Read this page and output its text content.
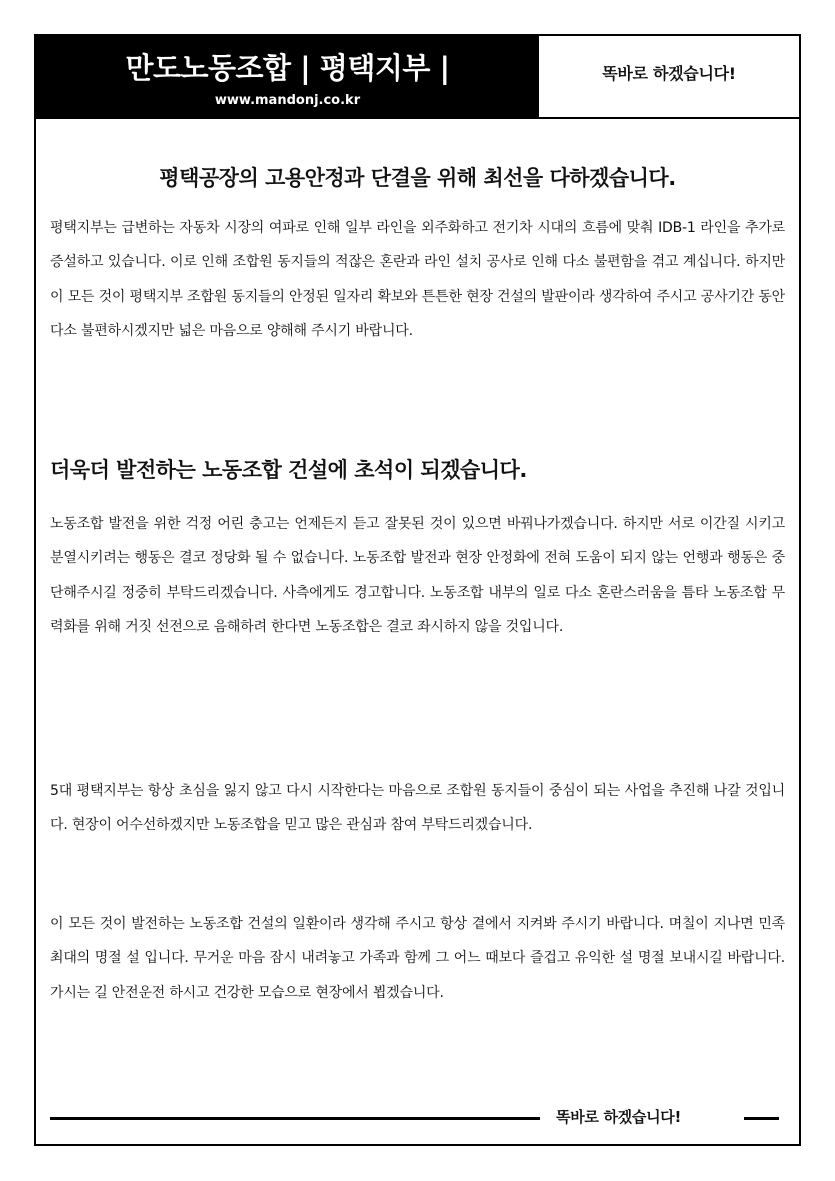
만도노동조합 | 평택지부 |
www.mandonj.co.kr
똑바로 하겠습니다!
평택공장의 고용안정과 단결을 위해 최선을 다하겠습니다.

평택지부는 급변하는 자동차 시장의 여파로 인해 일부 라인을 외주화하고 전기차 시대의 흐름에 맞춰 IDB-1 라인을 추가로 증설하고 있습니다. 이로 인해 조합원 동지들의 적잖은 혼란과 라인 설치 공사로 인해 다소 불편함을 겪고 계십니다. 하지만 이 모든 것이 평택지부 조합원 동지들의 안정된 일자리 확보와 튼튼한 현장 건설의 발판이라 생각하여 주시고 공사기간 동안 다소 불편하시겠지만 넓은 마음으로 양해해 주시기 바랍니다.

더욱더 발전하는 노동조합 건설에 초석이 되겠습니다.

노동조합 발전을 위한 걱정 어린 충고는 언제든지 듣고 잘못된 것이 있으면 바꿔나가겠습니다. 하지만 서로 이간질 시키고 분열시키려는 행동은 결코 정당화 될 수 없습니다. 노동조합 발전과 현장 안정화에 전혀 도움이 되지 않는 언행과 행동은 중단해주시길 정중히 부탁드리겠습니다. 사측에게도 경고합니다. 노동조합 내부의 일로 다소 혼란스러움을 틈타 노동조합 무력화를 위해 거짓 선전으로 음해하려 한다면 노동조합은 결코 좌시하지 않을 것입니다.

5대 평택지부는 항상 초심을 잃지 않고 다시 시작한다는 마음으로 조합원 동지들이 중심이 되는 사업을 추진해 나갈 것입니다. 현장이 어수선하겠지만 노동조합을 믿고 많은 관심과 참여 부탁드리겠습니다.

이 모든 것이 발전하는 노동조합 건설의 일환이라 생각해 주시고 항상 곁에서 지켜봐 주시기 바랍니다. 며칠이 지나면 민족 최대의 명절 설 입니다. 무거운 마음 잠시 내려놓고 가족과 함께 그 어느 때보다 즐겁고 유익한 설 명절 보내시길 바랍니다. 가시는 길 안전운전 하시고 건강한 모습으로 현장에서 뵙겠습니다.

똑바로 하겠습니다!
